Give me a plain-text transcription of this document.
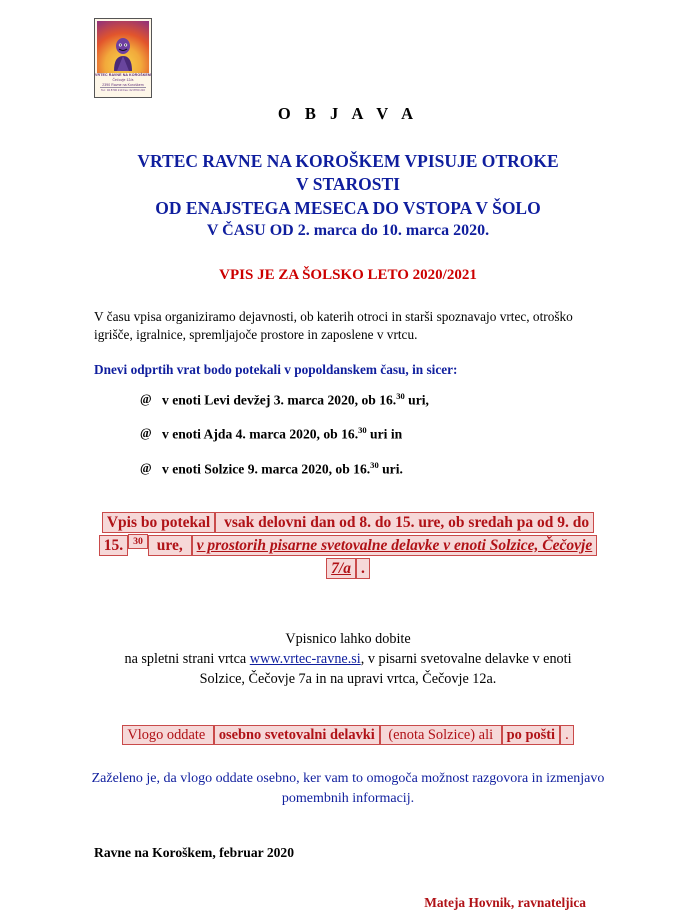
VRTEC RAVNE NA KOROŠKEM
Čečovje 12/a
2390 Ravne na Koroškem
Tel.: 02 8700 210 Fax: 02 8700 216
O B J A V A
VRTEC RAVNE NA KOROŠKEM VPISUJE OTROKE
V STAROSTI
OD ENAJSTEGA MESECA DO VSTOPA V ŠOLO
V ČASU OD 2. marca do 10. marca 2020.
VPIS JE ZA ŠOLSKO LETO 2020/2021
V času vpisa organiziramo dejavnosti, ob katerih otroci in starši spoznavajo vrtec, otroško igrišče, igralnice, spremljajoče prostore in zaposlene v vrtcu.
Dnevi odprtih vrat bodo potekali v popoldanskem času, in sicer:
@ v enoti Levi devžej 3. marca 2020, ob 16.30 uri,
@ v enoti Ajda 4. marca 2020, ob 16.30 uri in
@ v enoti Solzice 9. marca 2020, ob 16.30 uri.
Vpis bo potekal vsak delovni dan od 8. do 15. ure, ob sredah pa od 9. do 15. $^{30}$ ure, v prostorih pisarne svetovalne delavke v enoti Solzice, Čečovje 7/a .
Vpisnico lahko dobite
na spletni strani vrtca www.vrtec-ravne.si, v pisarni svetovalne delavke v enoti
Solzice, Čečovje 7a in na upravi vrtca, Čečovje 12a.
Vlogo oddate osebno svetovalni delavki (enota Solzice) ali po pošti .
Zaželeno je, da vlogo oddate osebno, ker vam to omogoča možnost razgovora in izmenjavo pomembnih informacij.
Ravne na Koroškem, februar 2020
Mateja Hovnik, ravnateljica
